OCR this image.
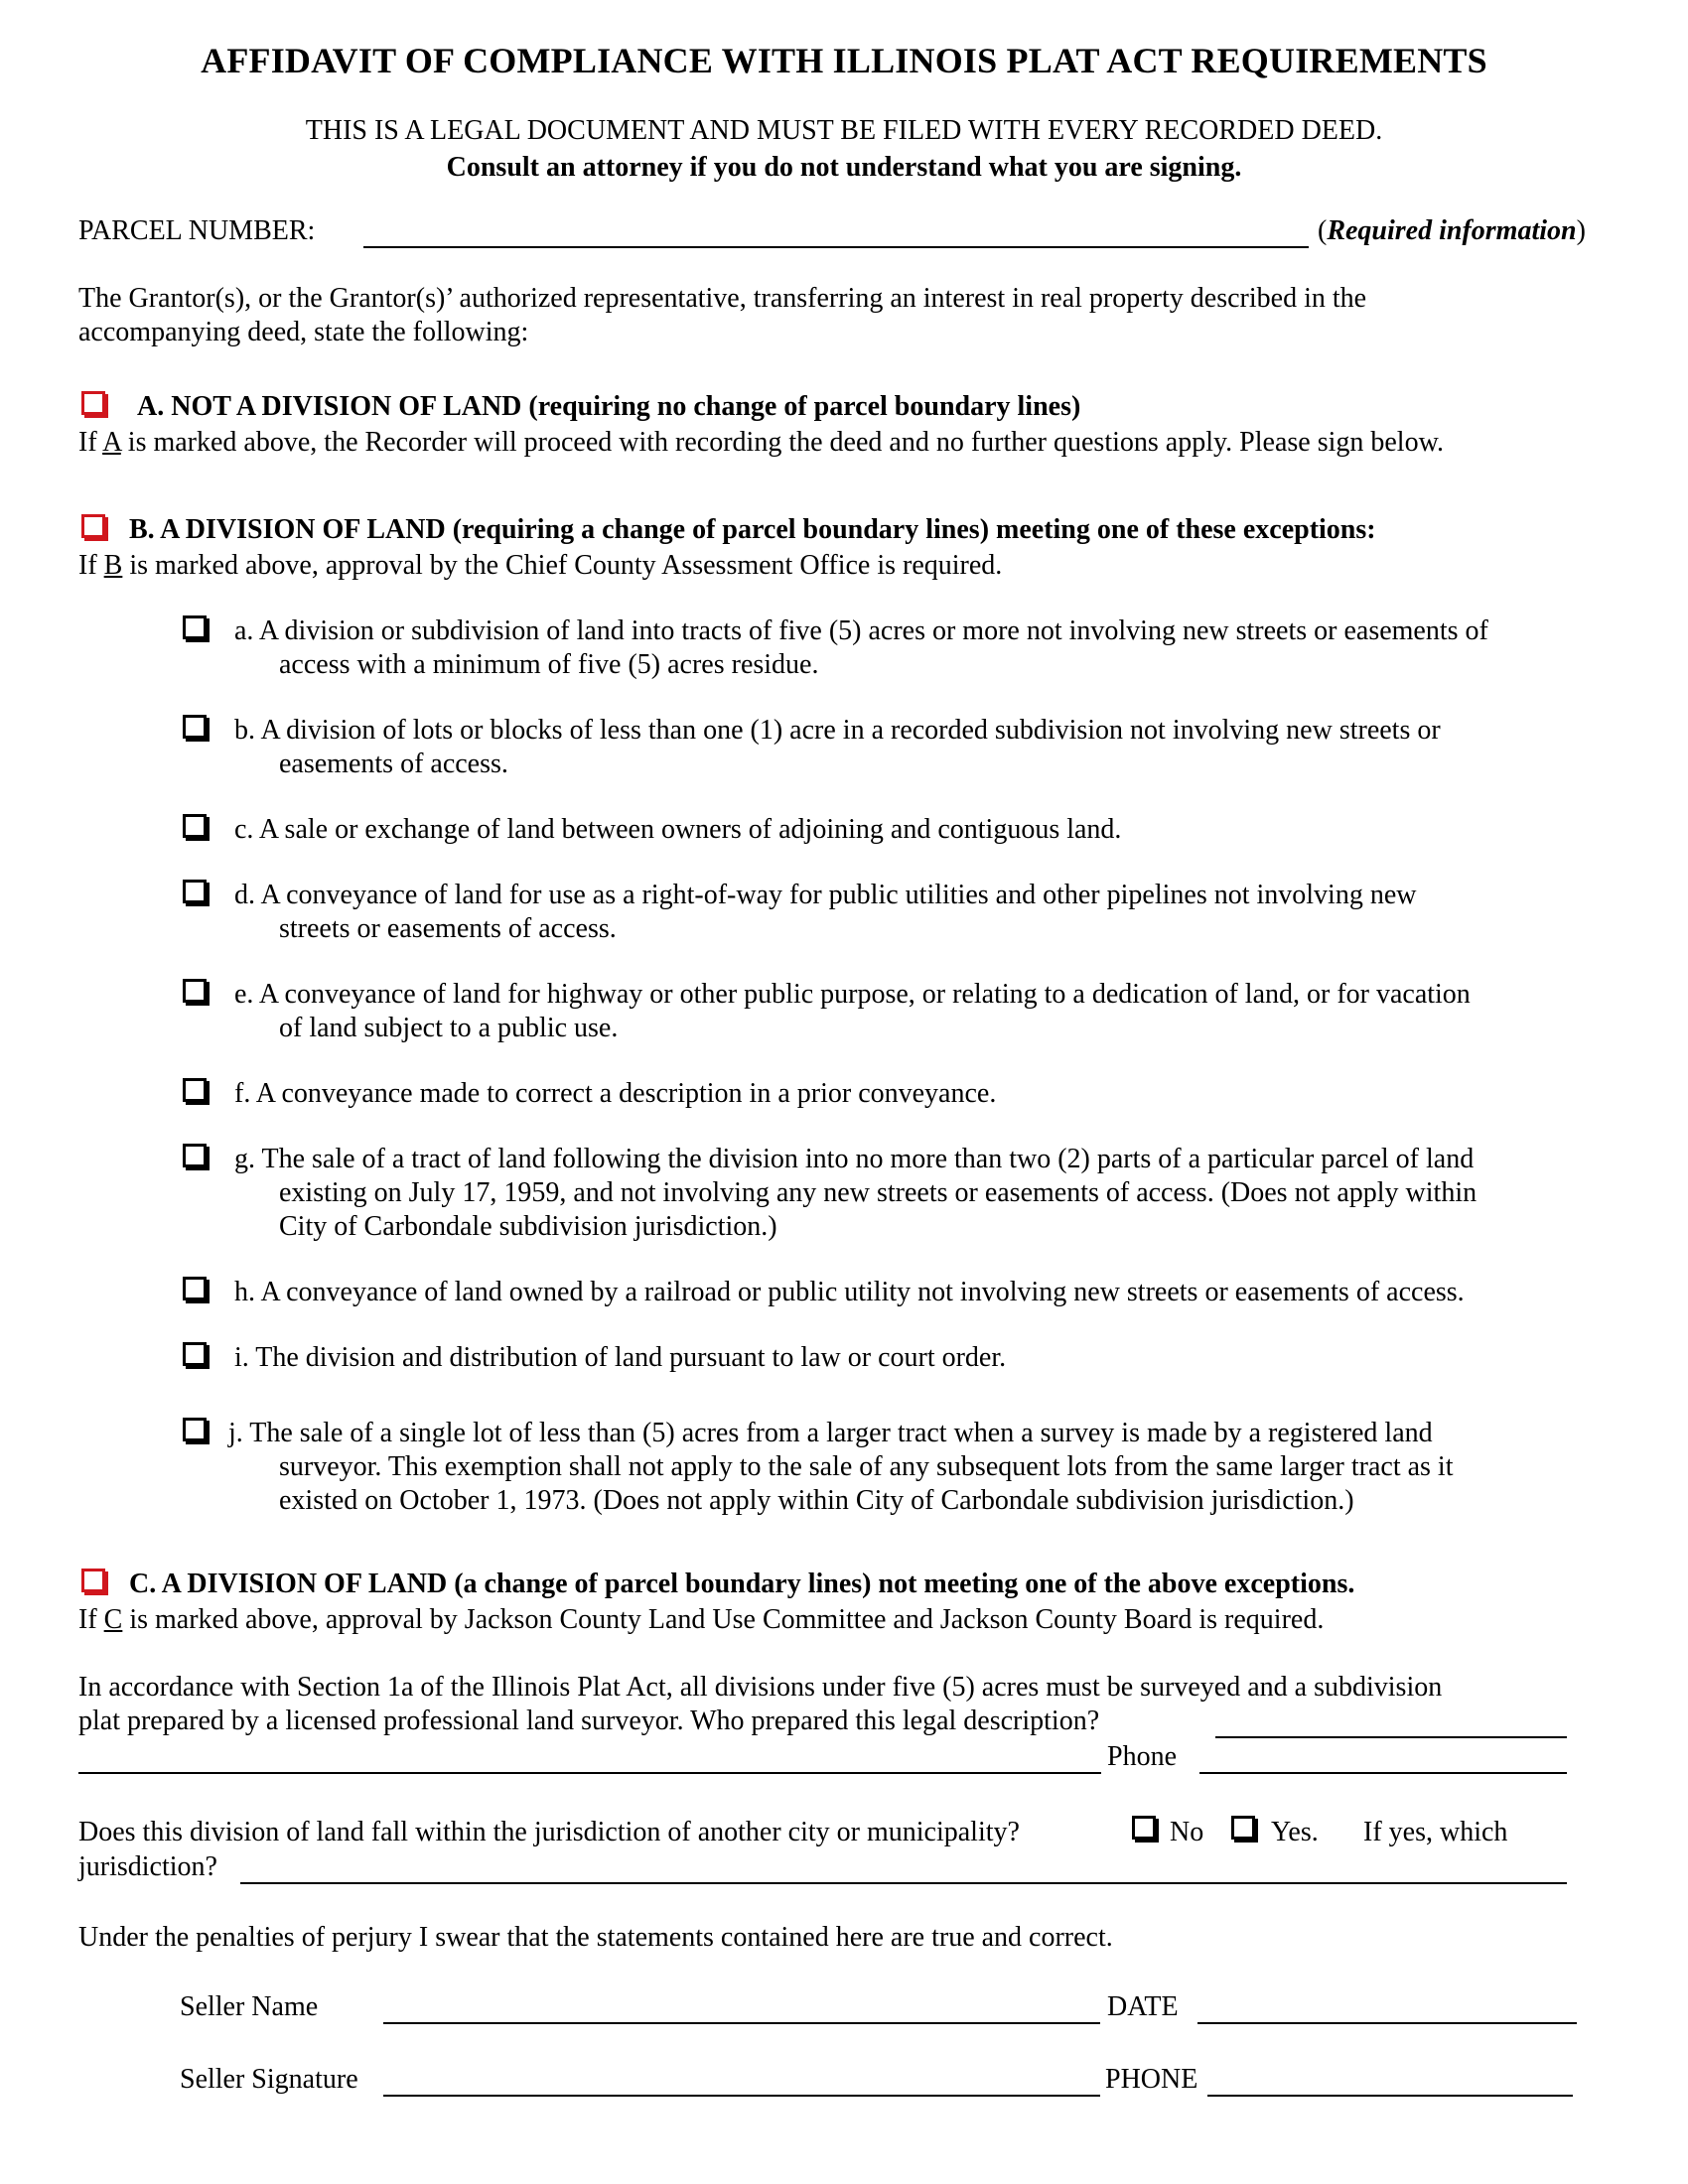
AFFIDAVIT OF COMPLIANCE WITH ILLINOIS PLAT ACT REQUIREMENTS
THIS IS A LEGAL DOCUMENT AND MUST BE FILED WITH EVERY RECORDED DEED.
Consult an attorney if you do not understand what you are signing.
PARCEL NUMBER:	(Required information)
The Grantor(s), or the Grantor(s)’ authorized representative, transferring an interest in real property described in the
accompanying deed, state the following:
A. NOT A DIVISION OF LAND (requiring no change of parcel boundary lines)
If A is marked above, the Recorder will proceed with recording the deed and no further questions apply. Please sign below.
B. A DIVISION OF LAND (requiring a change of parcel boundary lines) meeting one of these exceptions:
If B is marked above, approval by the Chief County Assessment Office is required.
a. A division or subdivision of land into tracts of five (5) acres or more not involving new streets or easements of
access with a minimum of five (5) acres residue.
b. A division of lots or blocks of less than one (1) acre in a recorded subdivision not involving new streets or
easements of access.
c. A sale or exchange of land between owners of adjoining and contiguous land.
d. A conveyance of land for use as a right-of-way for public utilities and other pipelines not involving new
streets or easements of access.
e. A conveyance of land for highway or other public purpose, or relating to a dedication of land, or for vacation
of land subject to a public use.
f. A conveyance made to correct a description in a prior conveyance.
g. The sale of a tract of land following the division into no more than two (2) parts of a particular parcel of land
existing on July 17, 1959, and not involving any new streets or easements of access. (Does not apply within
City of Carbondale subdivision jurisdiction.)
h. A conveyance of land owned by a railroad or public utility not involving new streets or easements of access.
i. The division and distribution of land pursuant to law or court order.
j. The sale of a single lot of less than (5) acres from a larger tract when a survey is made by a registered land
surveyor. This exemption shall not apply to the sale of any subsequent lots from the same larger tract as it
existed on October 1, 1973. (Does not apply within City of Carbondale subdivision jurisdiction.)
C. A DIVISION OF LAND (a change of parcel boundary lines) not meeting one of the above exceptions.
If C is marked above, approval by Jackson County Land Use Committee and Jackson County Board is required.
In accordance with Section 1a of the Illinois Plat Act, all divisions under five (5) acres must be surveyed and a subdivision
plat prepared by a licensed professional land surveyor. Who prepared this legal description?
Phone
Does this division of land fall within the jurisdiction of another city or municipality?	No Yes. If yes, which
jurisdiction?
Under the penalties of perjury I swear that the statements contained here are true and correct.
Seller Name	DATE
Seller Signature	PHONE
